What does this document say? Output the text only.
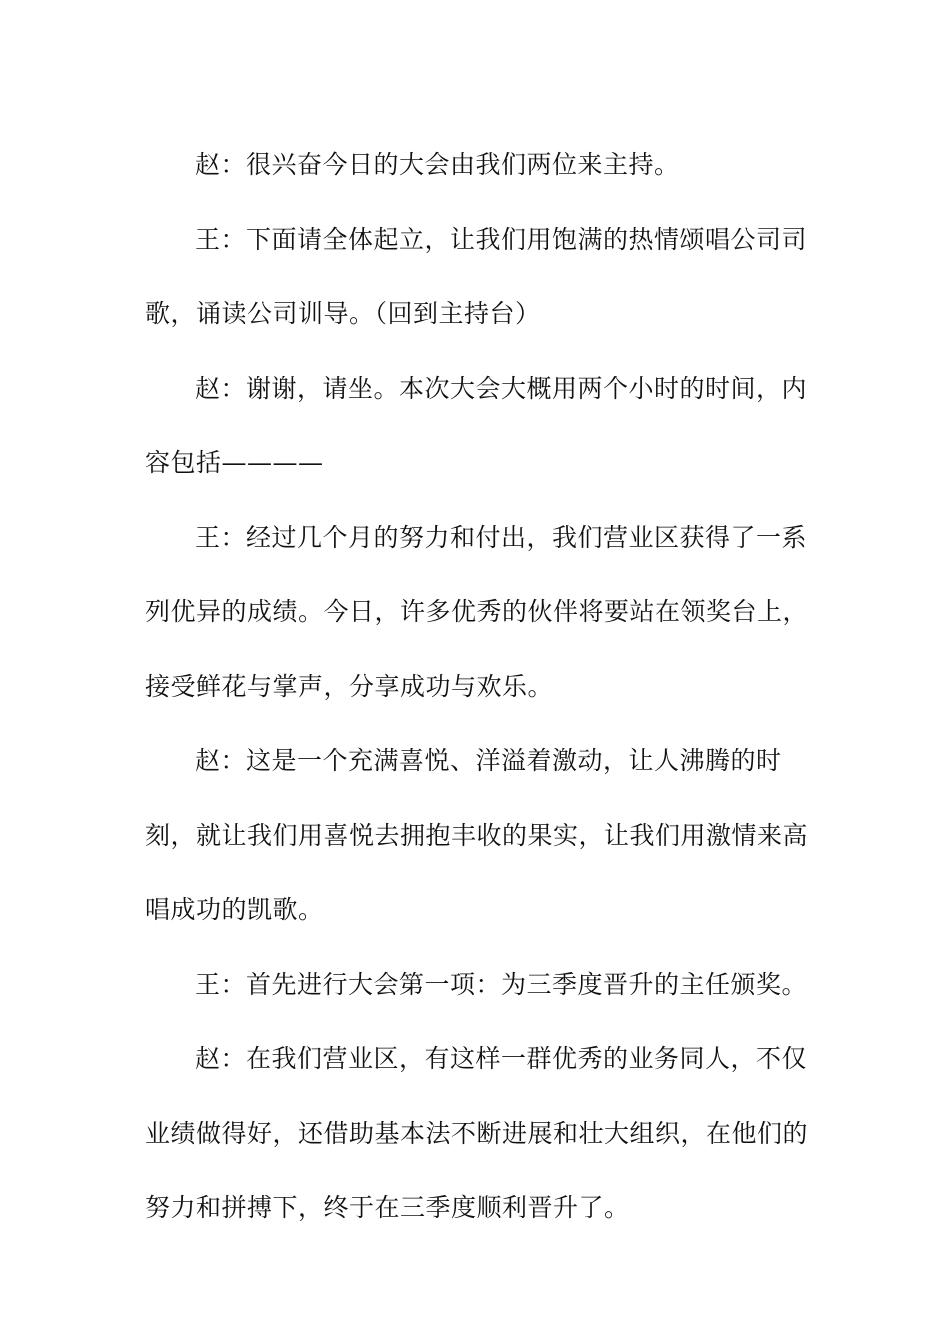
赵：很兴奋今日的大会由我们两位来主持。

王：下面请全体起立，让我们用饱满的热情颂唱公司司歌，诵读公司训导。（回到主持台）

赵：谢谢，请坐。本次大会大概用两个小时的时间，内容包括————

王：经过几个月的努力和付出，我们营业区获得了一系列优异的成绩。今日，许多优秀的伙伴将要站在领奖台上，接受鲜花与掌声，分享成功与欢乐。

赵：这是一个充满喜悦、洋溢着激动，让人沸腾的时刻，就让我们用喜悦去拥抱丰收的果实，让我们用激情来高唱成功的凯歌。

王：首先进行大会第一项：为三季度晋升的主任颁奖。

赵：在我们营业区，有这样一群优秀的业务同人，不仅业绩做得好，还借助基本法不断进展和壮大组织，在他们的努力和拼搏下，终于在三季度顺利晋升了。
